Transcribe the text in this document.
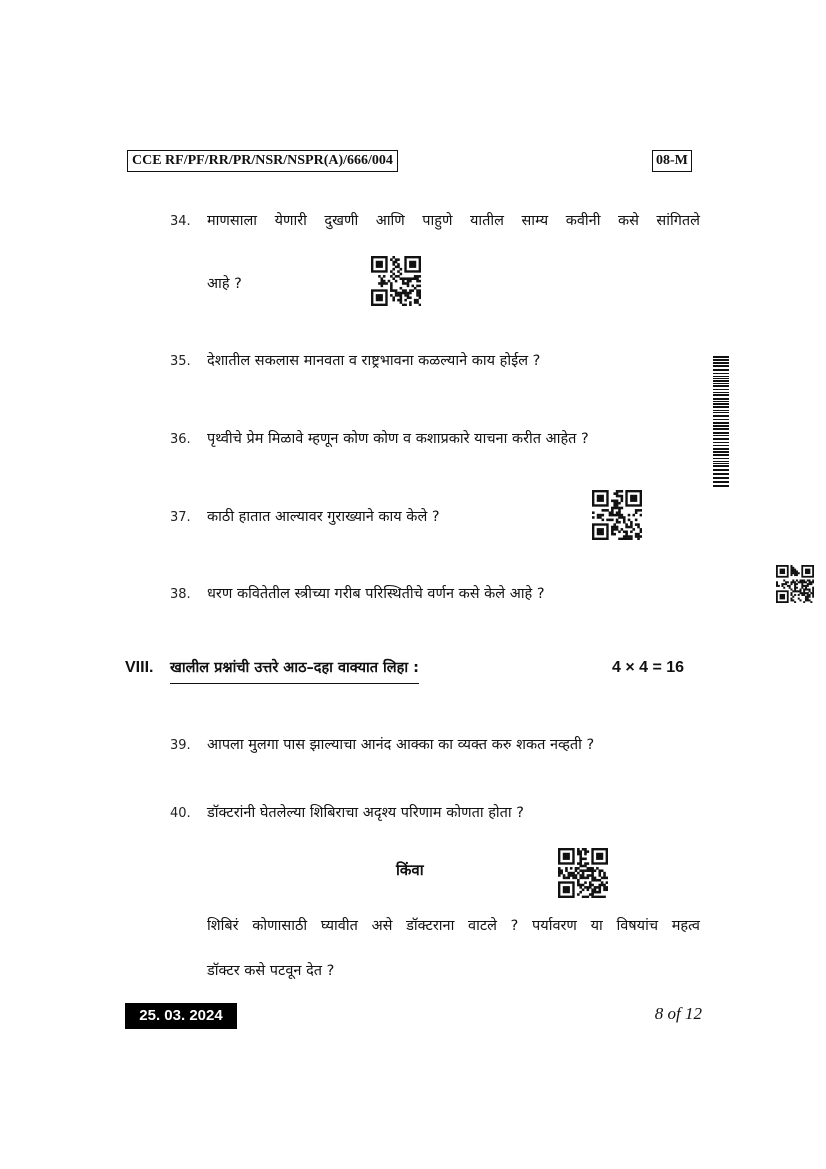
CCE RF/PF/RR/PR/NSR/NSPR(A)/666/004	08-M
34. माणसाला येणारी दुखणी आणि पाहुणे यातील साम्य कवीनी कसे सांगितले
आहे ?
35. देशातील सकलास मानवता व राष्ट्रभावना कळल्याने काय होईल ?
36. पृथ्वीचे प्रेम मिळावे म्हणून कोण कोण व कशाप्रकारे याचना करीत आहेत ?
37. काठी हातात आल्यावर गुराख्याने काय केले ?
38. धरण कवितेतील स्त्रीच्या गरीब परिस्थितीचे वर्णन कसे केले आहे ?
VIII. खालील प्रश्नांची उत्तरे आठ–दहा वाक्यात लिहा :	4 × 4 = 16
39. आपला मुलगा पास झाल्याचा आनंद आक्का का व्यक्त करु शकत नव्हती ?
40. डॉक्टरांनी घेतलेल्या शिबिराचा अदृश्य परिणाम कोणता होता ?
किंवा
शिबिरं कोणासाठी घ्यावीत असे डॉक्टराना वाटले ? पर्यावरण या विषयांच महत्व
डॉक्टर कसे पटवून देत ?
25. 03. 2024	8 of 12
